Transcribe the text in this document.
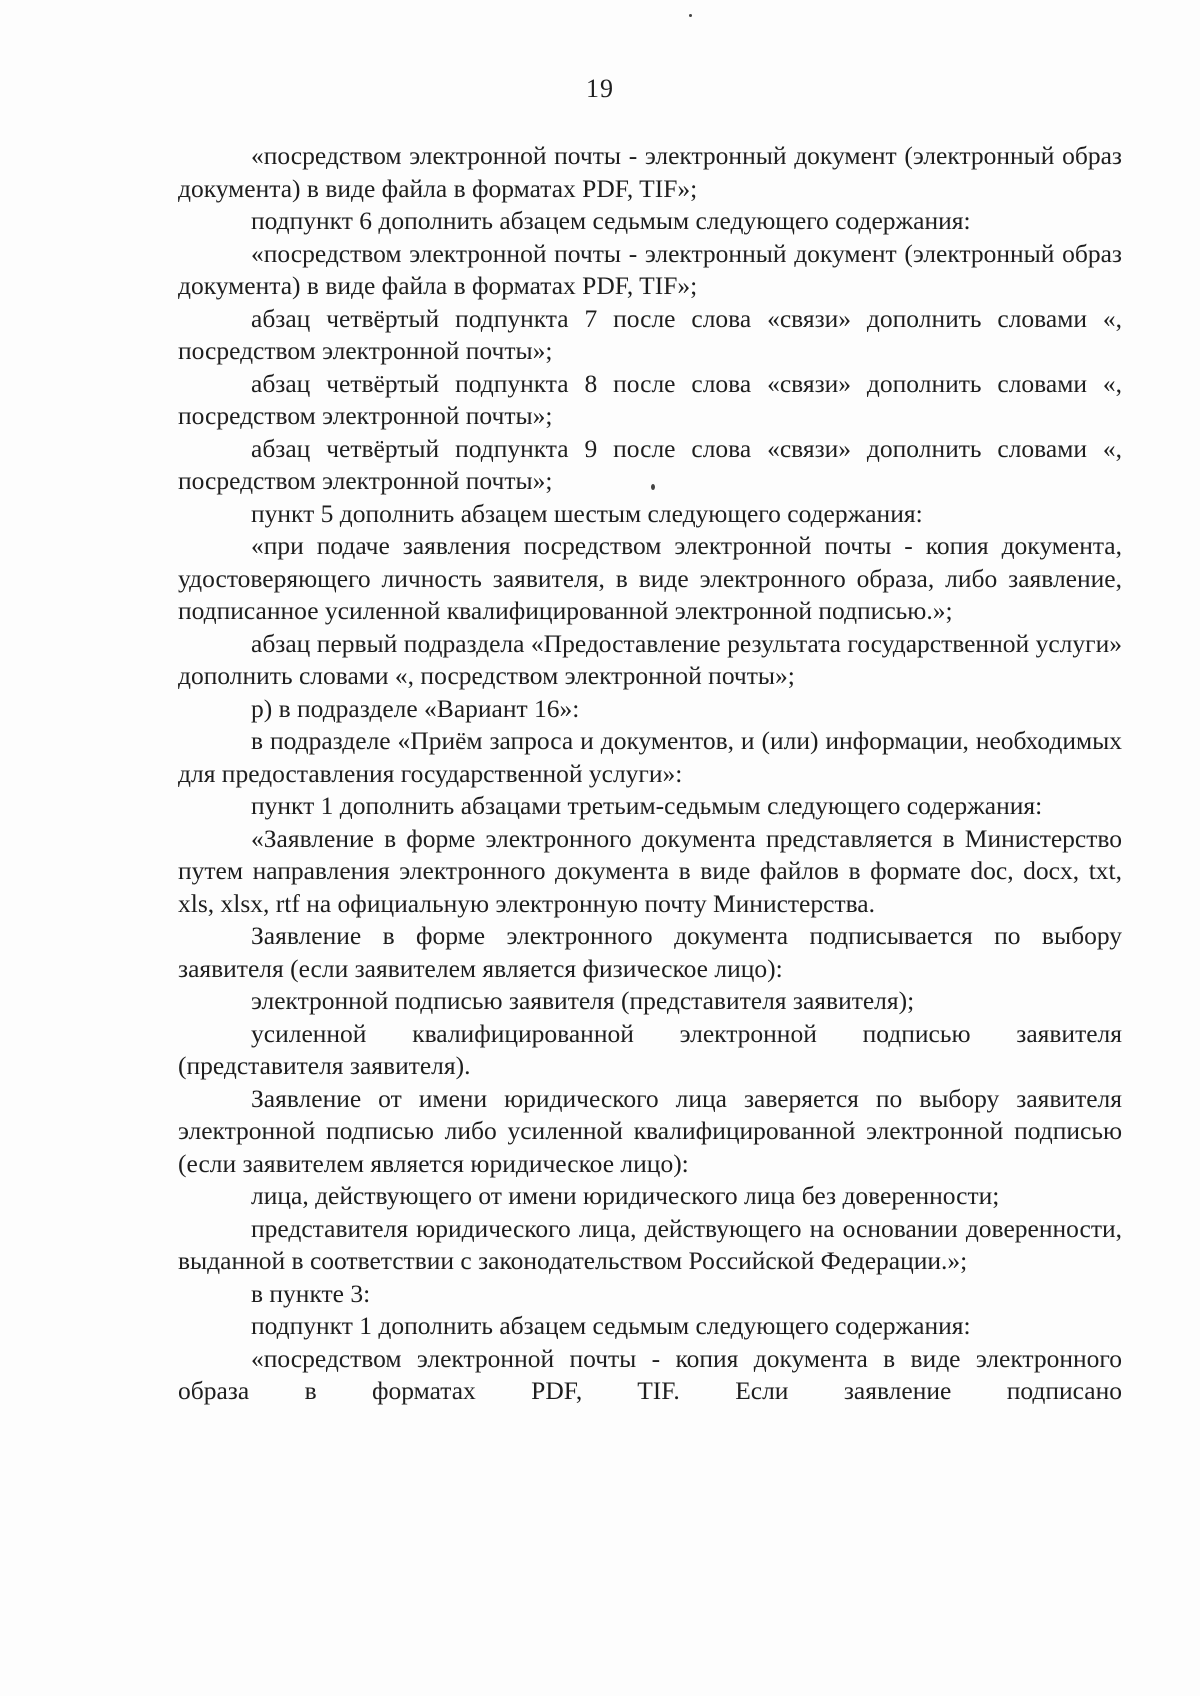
19

«посредством электронной почты - электронный документ (электронный образ документа) в виде файла в форматах PDF, TIF»;

подпункт 6 дополнить абзацем седьмым следующего содержания:

«посредством электронной почты - электронный документ (электронный образ документа) в виде файла в форматах PDF, TIF»;

абзац четвёртый подпункта 7 после слова «связи» дополнить словами «, посредством электронной почты»;

абзац четвёртый подпункта 8 после слова «связи» дополнить словами «, посредством электронной почты»;

абзац четвёртый подпункта 9 после слова «связи» дополнить словами «, посредством электронной почты»;

пункт 5 дополнить абзацем шестым следующего содержания:

«при подаче заявления посредством электронной почты - копия документа, удостоверяющего личность заявителя, в виде электронного образа, либо заявление, подписанное усиленной квалифицированной электронной подписью.»;

абзац первый подраздела «Предоставление результата государственной услуги» дополнить словами «, посредством электронной почты»;

р) в подразделе «Вариант 16»:

в подразделе «Приём запроса и документов, и (или) информации, необходимых для предоставления государственной услуги»:

пункт 1 дополнить абзацами третьим-седьмым следующего содержания:

«Заявление в форме электронного документа представляется в Министерство путем направления электронного документа в виде файлов в формате doc, docx, txt, xls, xlsx, rtf на официальную электронную почту Министерства.

Заявление в форме электронного документа подписывается по выбору заявителя (если заявителем является физическое лицо):

электронной подписью заявителя (представителя заявителя);

усиленной квалифицированной электронной подписью заявителя (представителя заявителя).

Заявление от имени юридического лица заверяется по выбору заявителя электронной подписью либо усиленной квалифицированной электронной подписью (если заявителем является юридическое лицо):

лица, действующего от имени юридического лица без доверенности;

представителя юридического лица, действующего на основании доверенности, выданной в соответствии с законодательством Российской Федерации.»;

в пункте 3:

подпункт 1 дополнить абзацем седьмым следующего содержания:

«посредством электронной почты - копия документа в виде электронного образа в форматах PDF, TIF. Если заявление подписано
